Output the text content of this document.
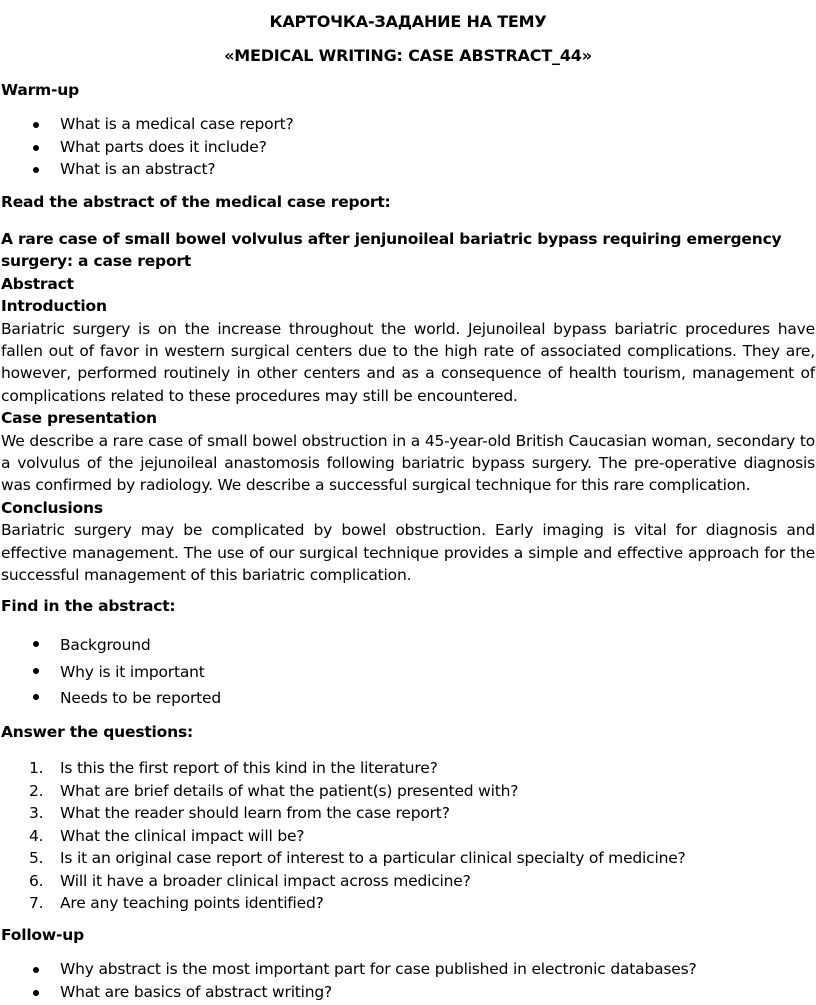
КАРТОЧКА-ЗАДАНИЕ НА ТЕМУ

«MEDICAL WRITING: CASE ABSTRACT_44»

Warm-up

What is a medical case report?
What parts does it include?
What is an abstract?

Read the abstract of the medical case report:

A rare case of small bowel volvulus after jenjunoileal bariatric bypass requiring emergency surgery: a case report
Abstract
Introduction
Bariatric surgery is on the increase throughout the world. Jejunoileal bypass bariatric procedures have fallen out of favor in western surgical centers due to the high rate of associated complications. They are, however, performed routinely in other centers and as a consequence of health tourism, management of complications related to these procedures may still be encountered.
Case presentation
We describe a rare case of small bowel obstruction in a 45-year-old British Caucasian woman, secondary to a volvulus of the jejunoileal anastomosis following bariatric bypass surgery. The pre-operative diagnosis was confirmed by radiology. We describe a successful surgical technique for this rare complication.
Conclusions
Bariatric surgery may be complicated by bowel obstruction. Early imaging is vital for diagnosis and effective management. The use of our surgical technique provides a simple and effective approach for the successful management of this bariatric complication.

Find in the abstract:

Background
Why is it important
Needs to be reported

Answer the questions:

1. Is this the first report of this kind in the literature?
2. What are brief details of what the patient(s) presented with?
3. What the reader should learn from the case report?
4. What the clinical impact will be?
5. Is it an original case report of interest to a particular clinical specialty of medicine?
6. Will it have a broader clinical impact across medicine?
7. Are any teaching points identified?

Follow-up

Why abstract is the most important part for case published in electronic databases?
What are basics of abstract writing?
